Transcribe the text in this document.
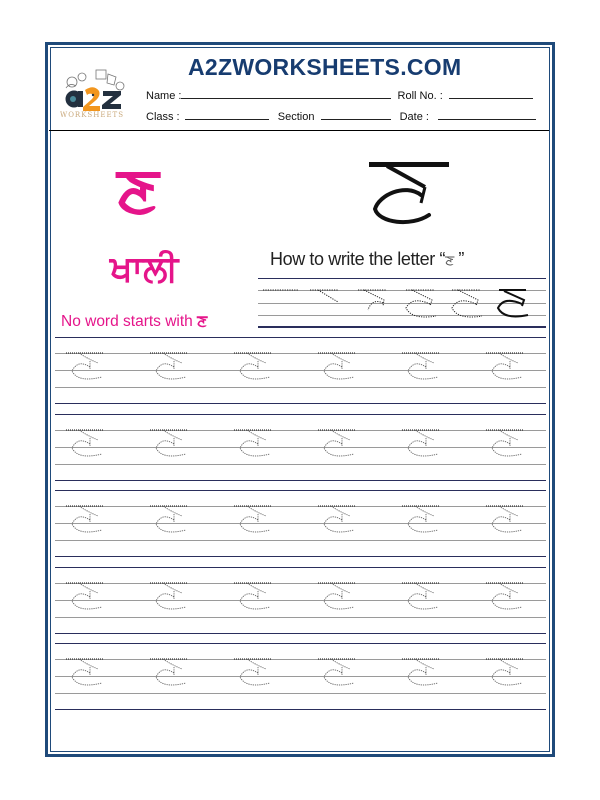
WORKSHEETS
A2ZWORKSHEETS.COM
Name :	Roll No. :
Class :	Section	Date :
ਣ
ਖਾਲੀ
No word starts with ਣ
How to write the letter “ਣ ”
